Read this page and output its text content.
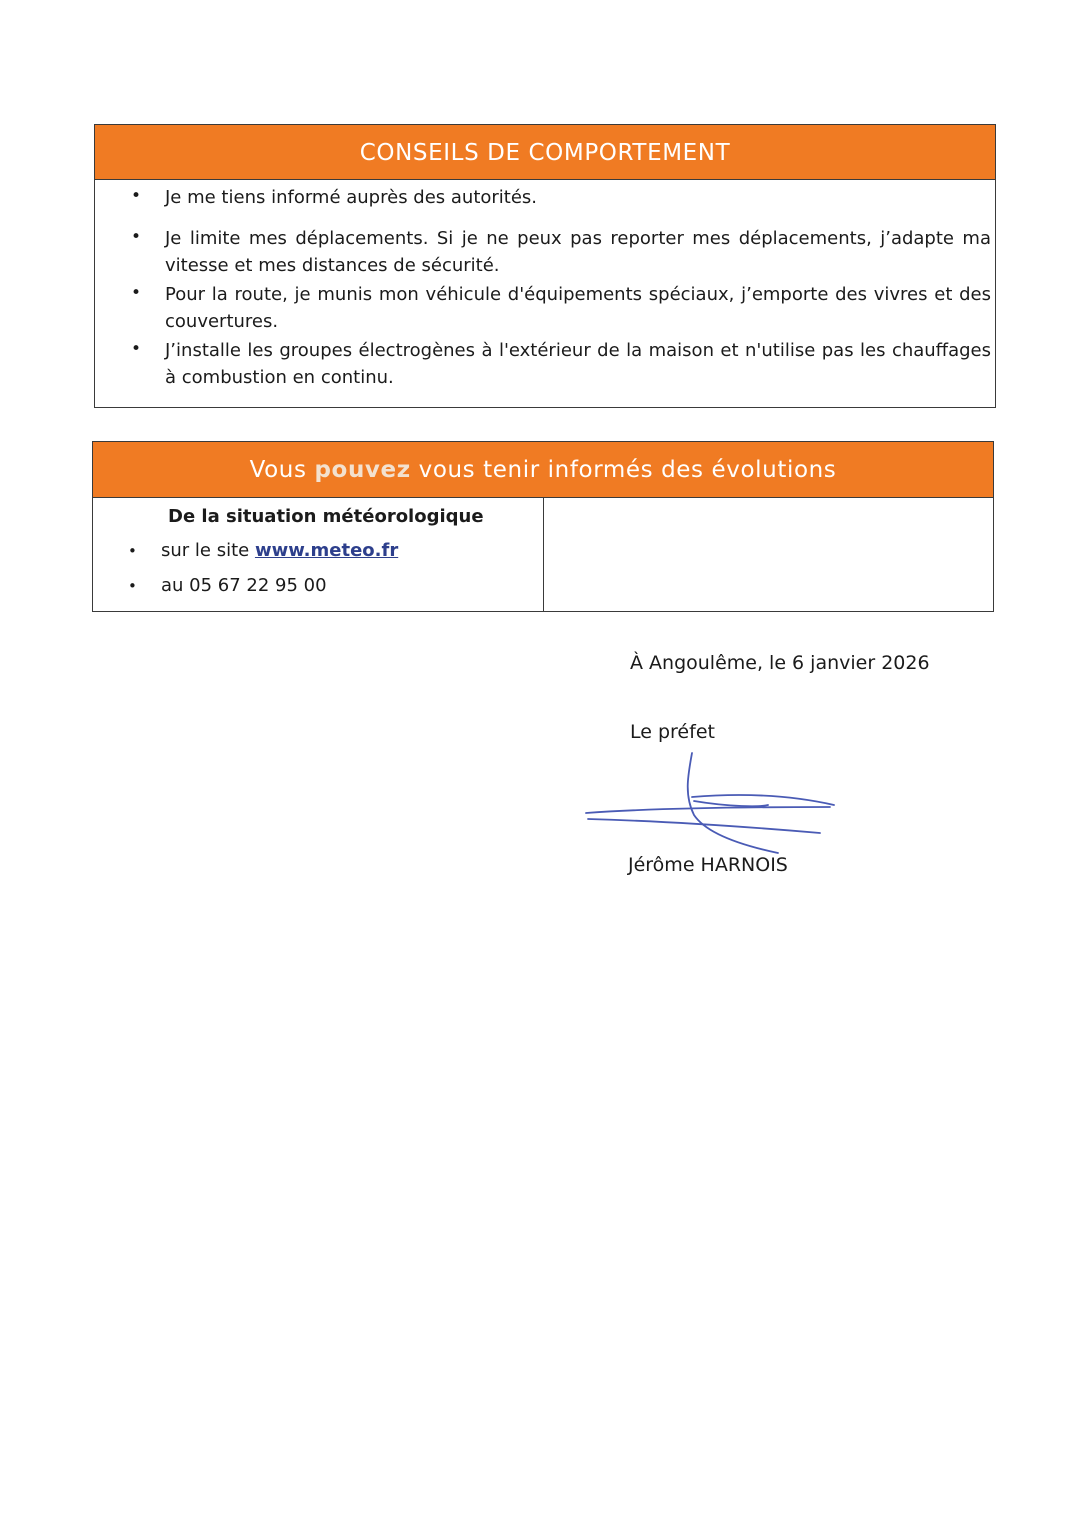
CONSEILS DE COMPORTEMENT
• Je me tiens informé auprès des autorités.
• Je limite mes déplacements. Si je ne peux pas reporter mes déplacements, j’adapte ma vitesse et mes distances de sécurité.
• Pour la route, je munis mon véhicule d'équipements spéciaux, j’emporte des vivres et des couvertures.
• J’installe les groupes électrogènes à l'extérieur de la maison et n'utilise pas les chauffages à combustion en continu.
Vous pouvez vous tenir informés des évolutions
De la situation météorologique
• sur le site www.meteo.fr
• au 05 67 22 95 00
À Angoulême, le 6 janvier 2026
Le préfet
Jérôme HARNOIS
